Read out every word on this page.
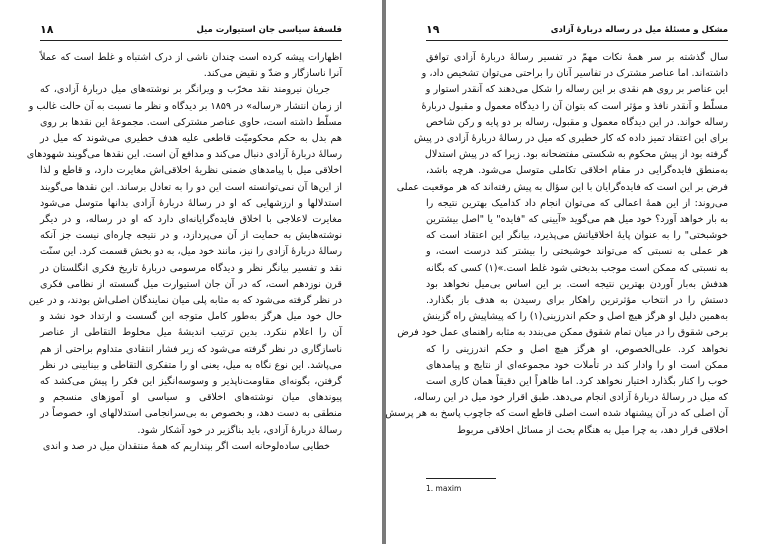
فلسفهٔ سیاسی جان استیوارت میل
۱۸
اظهارات پیشه کرده است چندان ناشی از درک اشتباه و غلط است که عملاً
آنرا ناسازگار و ضدّ و نقیض می‌کند.
جریان نیرومند نقد مخرّب و ویرانگر بر نوشته‌های میل دربارهٔ آزادی، که
از زمان انتشار «رساله» در ۱۸۵۹ بر دیدگاه و نظر ما نسبت به آن حالت غالب و
مسلّط داشته است، حاوی عناصر مشترکی است. مجموعهٔ این نقدها بر روی
هم بدل به حکم محکومیّت قاطعی علیه هدف خطیری می‌شوند که میل در
رسالهٔ دربارهٔ آزادی دنبال می‌کند و مدافع آن است. این نقدها می‌گویند شهودهای
اخلاقی میل با پیامدهای ضمنی نظریهٔ اخلاقی‌اش مغایرت دارد، و قاطع و لذا
از این‌ها آن نمی‌توانسته است این دو را به تعادل برساند. این نقدها می‌گویند
استدلالها و ارزشهایی که او در رسالهٔ دربارهٔ آزادی بدانها متوسل می‌شود
مغایرت لاعلاجی با اخلاق فایده‌گرایانه‌ای دارد که او در رساله، و در دیگر
نوشته‌هایش به حمایت از آن می‌پردازد، و در نتیجه چاره‌ای نیست جز آنکه
رسالهٔ دربارهٔ آزادی را نیز، مانند خود میل، به دو بخش قسمت کرد. این سنّت
نقد و تفسیر بیانگر نظر و دیدگاه مرسومی دربارهٔ تاریخ فکری انگلستان در
قرن نوزدهم است، که در آن جان استیوارت میل گسسته از نظامی فکری
در نظر گرفته می‌شود که به مثابه پلی میان نمایندگان اصلی‌اش بودند، و در عین
حال خود میل هرگز به‌طور کامل متوجه این گسست و ارتداد خود نشد و
آن را اعلام ننکرد. بدین ترتیب اندیشهٔ میل مخلوط التقاطی از عناصر
ناسازگاری در نظر گرفته می‌شود که زیر فشار انتقادی متداوم براحتی از هم
می‌پاشد. این نوع نگاه به میل، یعنی او را متفکری التقاطی و بینابینی در نظر
گرفتن، بگونه‌ای مقاومت‌ناپذیر و وسوسه‌انگیز این فکر را پیش می‌کشد که
پیوندهای میان نوشته‌های اخلاقی و سیاسی او آموزهای منسجم و
منطقی به دست دهد، و بخصوص به بی‌سرانجامی استدلالهای او، خصوصاً در
رسالهٔ دربارهٔ آزادی، باید بناگزیر در خود آشکار شود.
خطایی ساده‌لوحانه است اگر بپنداریم که همهٔ منتقدان میل در صد و اندی
مشکل و مسئلهٔ میل در رساله دربارهٔ آزادی
۱۹
سال گذشته بر سر همهٔ نکات مهمّ در تفسیر رسالهٔ دربارهٔ آزادی توافق
داشته‌اند. اما عناصر مشترک در تفاسیر آنان را براحتی می‌توان تشخیص داد، و
این عناصر بر روی هم نقدی بر این رساله را شکل می‌دهند که آنقدر استوار و
مسلّط و آنقدر نافذ و مؤثر است که بتوان آن را دیدگاه معمول و مقبول دربارهٔ
رساله خواند. در این دیدگاه معمول و مقبول، رساله بر دو پایه و رکن شاخص
برای این اعتقاد تمیز داده که کار خطیری که میل در رسالهٔ دربارهٔ آزادی در پیش
گرفته بود از پیش محکوم به شکستی مفتضحانه بود. زیرا که در پیش استدلال
به‌منطق فایده‌گرایی در مقام اخلاقی تکاملی متوسل می‌شود. هرچه باشد،
فرض بر این است که فایده‌گرایان با این سؤال به پیش رفته‌اند که هر موقعیت عملی
می‌روند: از این همهٔ اعمالی که می‌توان انجام داد کدامیک بهترین نتیجه را
به بار خواهد آورد؟ خود میل هم می‌گوید «آیینی که "فایده" یا "اصل بیشترین
خوشبختی" را به عنوان پایهٔ اخلاقیاتش می‌پذیرد، بیانگر این اعتقاد است که
هر عملی به نسبتی که می‌تواند خوشبختی را بیشتر کند درست است، و
به نسبتی که ممکن است موجب بدبختی شود غلط است.»(۱) کسی که بگانه
هدفش به‌بار آوردن بهترین نتیجه است. بر این اساس بی‌میل نخواهد بود
دستش را در انتخاب مؤثرترین راهکار برای رسیدن به هدف باز بگذارد.
به‌همین دلیل او هرگز هیچ اصل و حکم اندرزینی(۱) را که پیشاپیش راه گزینش
برخی شقوق را در میان تمام شقوق ممکن می‌بندد به مثابه راهنمای عمل خود فرض
نخواهد کرد. علی‌الخصوص، او هرگز هیچ اصل و حکم اندرزینی را که
ممکن است او را وادار کند در تأملات خود مجموعه‌ای از نتایج و پیامدهای
خوب را کنار بگذارد اختیار نخواهد کرد. اما ظاهراً این دقیقاً همان کاری است
که میل در رسالهٔ دربارهٔ آزادی انجام می‌دهد. طبق اقرار خود میل در این رساله،
آن اصلی که در آن پیشنهاد شده است اصلی قاطع است که جاچوب پاسخ به هر پرسش
اخلاقی قرار دهد، به چرا میل به هنگام بحث از مسائل اخلاقی مربوط
1. maxim
